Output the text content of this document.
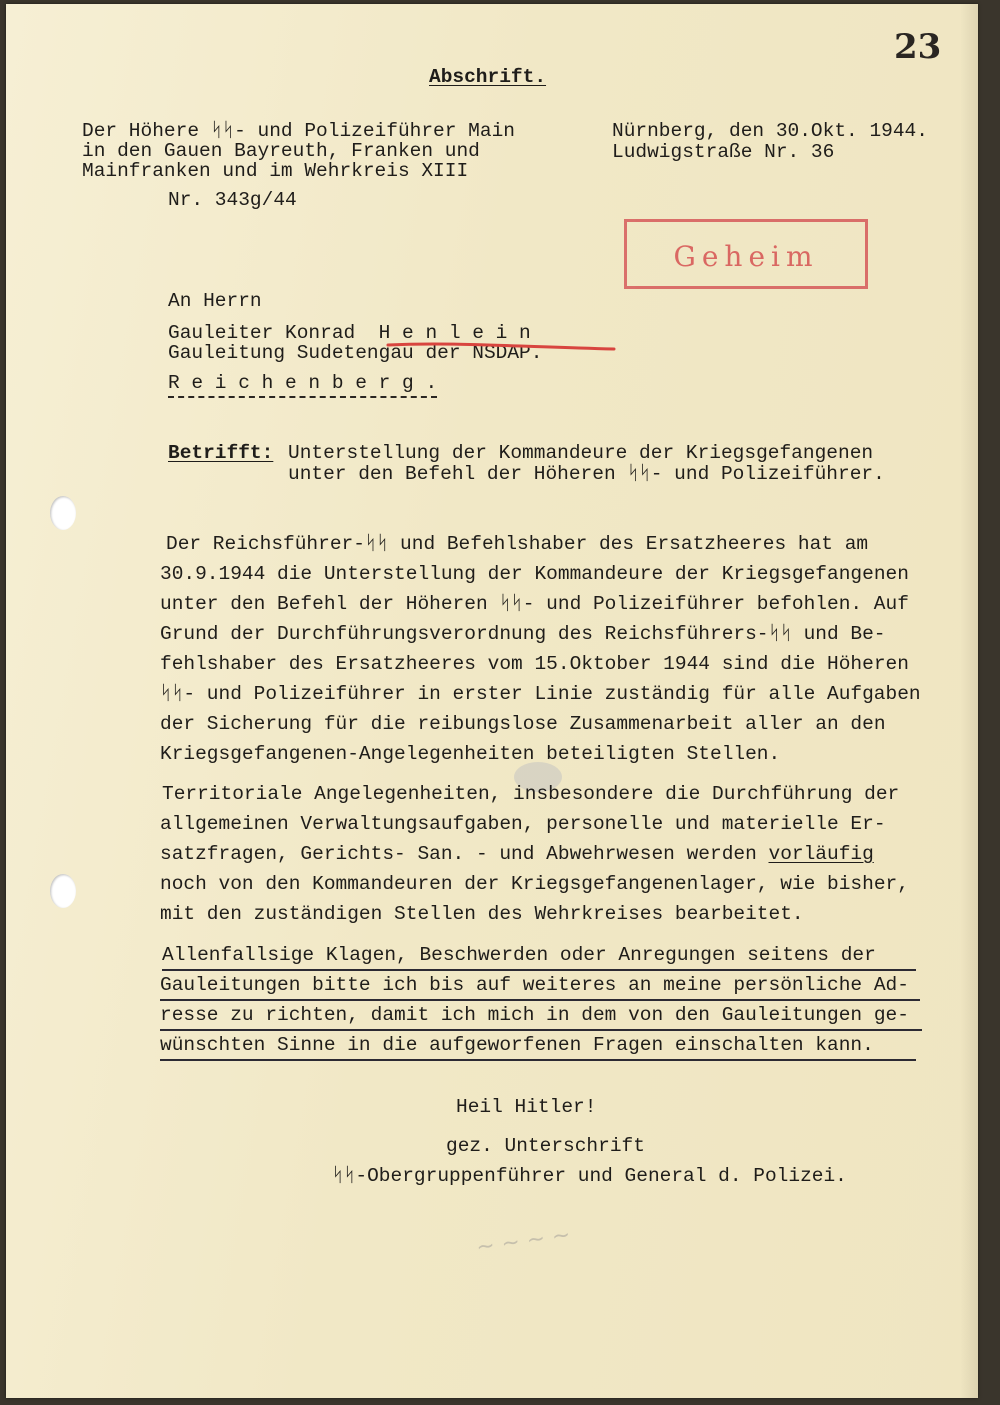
23
Abschrift.
Der Höhere ᛋᛋ- und Polizeiführer Main
in den Gauen Bayreuth, Franken und
Mainfranken und im Wehrkreis XIII
Nr. 343g/44
Nürnberg, den 30.Okt. 1944.
Ludwigstraße Nr. 36
Geheim
An Herrn
Gauleiter Konrad  H e n l e i n
Gauleitung Sudetengau der NSDAP.
R e i c h e n b e r g .
Betrifft: Unterstellung der Kommandeure der Kriegsgefangenen
unter den Befehl der Höheren ᛋᛋ- und Polizeiführer.
Der Reichsführer-ᛋᛋ und Befehlshaber des Ersatzheeres hat am
30.9.1944 die Unterstellung der Kommandeure der Kriegsgefangenen
unter den Befehl der Höheren ᛋᛋ- und Polizeiführer befohlen. Auf
Grund der Durchführungsverordnung des Reichsführers-ᛋᛋ und Be-
fehlshaber des Ersatzheeres vom 15.Oktober 1944 sind die Höheren
ᛋᛋ- und Polizeiführer in erster Linie zuständig für alle Aufgaben
der Sicherung für die reibungslose Zusammenarbeit aller an den
Kriegsgefangenen-Angelegenheiten beteiligten Stellen.
Territoriale Angelegenheiten, insbesondere die Durchführung der
allgemeinen Verwaltungsaufgaben, personelle und materielle Er-
satzfragen, Gerichts- San. - und Abwehrwesen werden vorläufig
noch von den Kommandeuren der Kriegsgefangenenlager, wie bisher,
mit den zuständigen Stellen des Wehrkreises bearbeitet.
Allenfallsige Klagen, Beschwerden oder Anregungen seitens der
Gauleitungen bitte ich bis auf weiteres an meine persönliche Ad-
resse zu richten, damit ich mich in dem von den Gauleitungen ge-
wünschten Sinne in die aufgeworfenen Fragen einschalten kann.
Heil Hitler!
gez. Unterschrift
ᛋᛋ-Obergruppenführer und General d. Polizei.
~ ~ ~ ~
